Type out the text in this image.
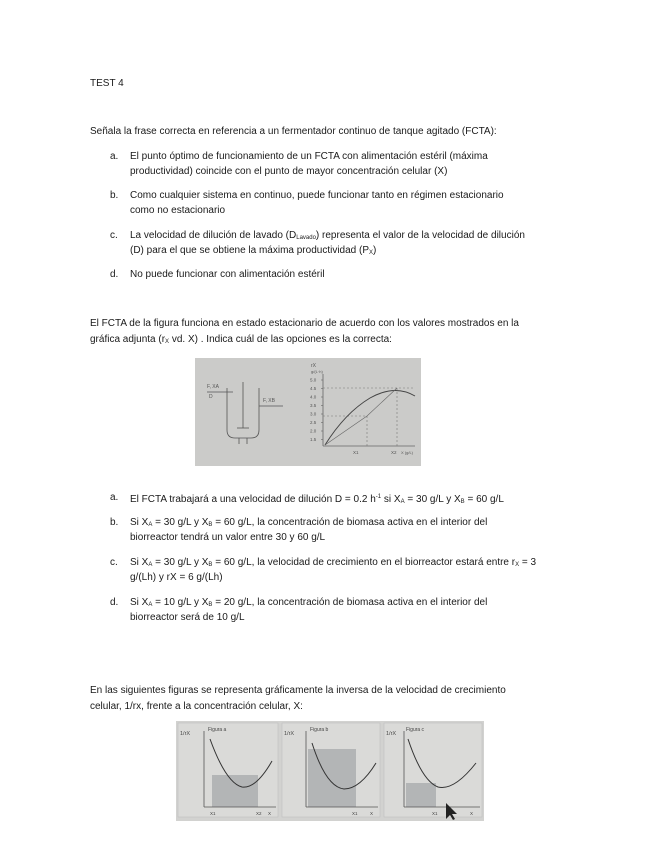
TEST 4
Señala la frase correcta en referencia a un fermentador continuo de tanque agitado (FCTA):
a. El punto óptimo de funcionamiento de un FCTA con alimentación estéril (máxima
productividad) coincide con el punto de mayor concentración celular (X)
b. Como cualquier sistema en continuo, puede funcionar tanto en régimen estacionario
como no estacionario
c. La velocidad de dilución de lavado $(D_{Lavado})$ representa el valor de la velocidad de dilución
(D) para el que se obtiene la máxima productividad $(P_X)$
d. No puede funcionar con alimentación estéril
El FCTA de la figura funciona en estado estacionario de acuerdo con los valores mostrados en la
gráfica adjunta ($r_X$ vd. X) . Indica cuál de las opciones es la correcta:
F, XA
D
F, XB
rX
g/(L·h)
5.0
4.5
4.0
3.5
3.0
2.5
2.0
1.5
X1	X2 X (g/L)
a. El FCTA trabajará a una velocidad de dilución D = 0.2 $h^{-1}$ si $X_A = 30$ g/L y $X_B = 60$ g/L
b. Si $X_A = 30$ g/L y $X_B = 60$ g/L, la concentración de biomasa activa en el interior del
biorreactor tendrá un valor entre 30 y 60 g/L
c. Si $X_A = 30$ g/L y $X_B = 60$ g/L, la velocidad de crecimiento en el biorreactor estará entre $r_X = 3$
g/(Lh) y rX = 6 g/(Lh)
d. Si $X_A = 10$ g/L y $X_B = 20$ g/L, la concentración de biomasa activa en el interior del
biorreactor será de 10 g/L
En las siguientes figuras se representa gráficamente la inversa de la velocidad de crecimiento
celular, 1/rx, frente a la concentración celular, X:
1/rX
Figura a
X1	X2 X
1/rX
Figura b
X1	X
1/rX
Figura c
X1	X
